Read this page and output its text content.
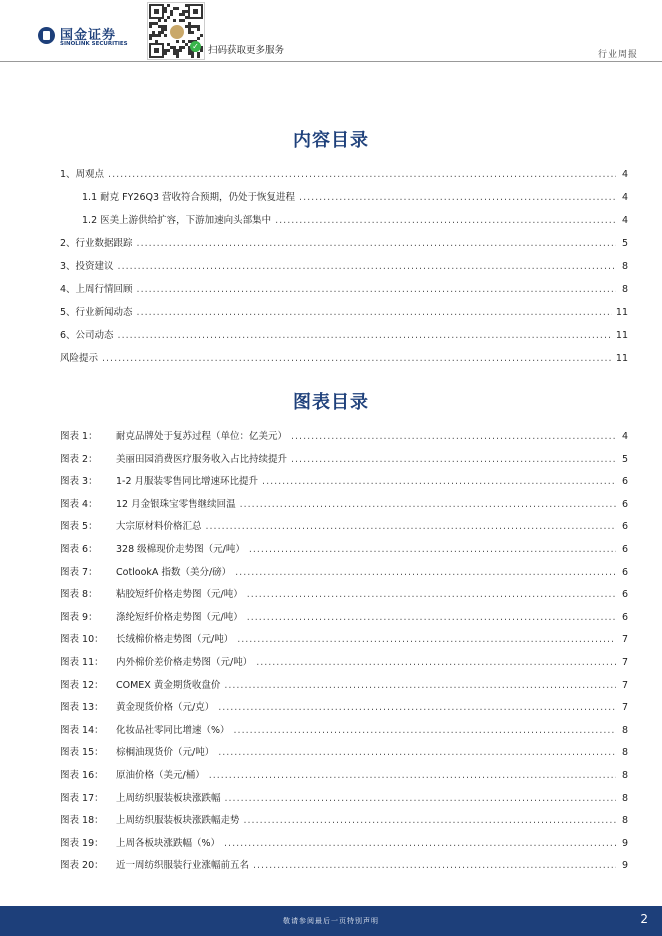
国金证券
SINOLINK SECURITIES	✓ 扫码获取更多服务	行业周报
内容目录
1、周观点 .....	4
1.1 耐克 FY26Q3 营收符合预期，仍处于恢复进程 .....	4
1.2 医美上游供给扩容，下游加速向头部集中 .....	4
2、行业数据跟踪 .....	5
3、投资建议 .....	8
4、上周行情回顾 .....	8
5、行业新闻动态 .....	11
6、公司动态 .....	11
风险提示 .....	11
图表目录
图表 1：	耐克品牌处于复苏过程（单位：亿美元） .....	4
图表 2：	美丽田园消费医疗服务收入占比持续提升 .....	5
图表 3：	1-2 月服装零售同比增速环比提升 .....	6
图表 4：	12 月金银珠宝零售继续回温 .....	6
图表 5：	大宗原材料价格汇总 .....	6
图表 6：	328 级棉现价走势图（元/吨） .....	6
图表 7：	CotlookA 指数（美分/磅） .....	6
图表 8：	粘胶短纤价格走势图（元/吨） .....	6
图表 9：	涤纶短纤价格走势图（元/吨） .....	6
图表 10：	长绒棉价格走势图（元/吨） .....	7
图表 11：	内外棉价差价格走势图（元/吨） .....	7
图表 12：	COMEX 黄金期货收盘价 .....	7
图表 13：	黄金现货价格（元/克） .....	7
图表 14：	化妆品社零同比增速（%） .....	8
图表 15：	棕榈油现货价（元/吨） .....	8
图表 16：	原油价格（美元/桶） .....	8
图表 17：	上周纺织服装板块涨跌幅 .....	8
图表 18：	上周纺织服装板块涨跌幅走势 .....	8
图表 19：	上周各板块涨跌幅（%） .....	9
图表 20：	近一周纺织服装行业涨幅前五名 .....	9
敬请参阅最后一页特别声明	2
